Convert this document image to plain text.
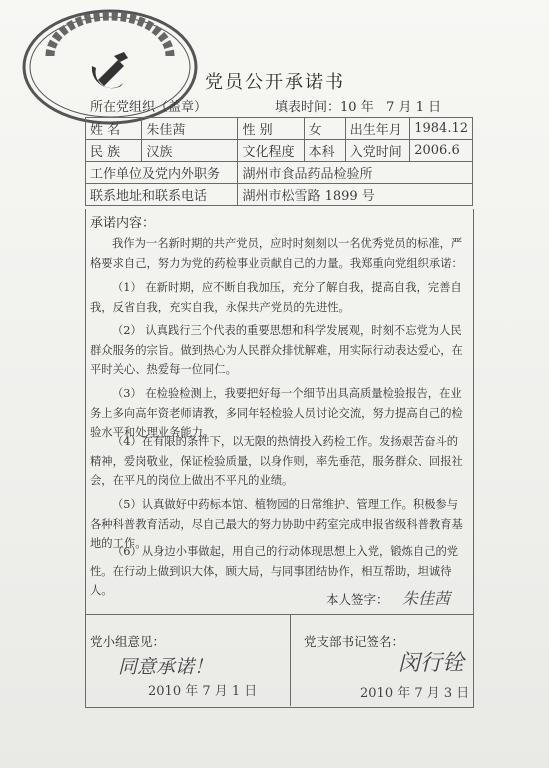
党员公开承诺书
所在党组织（盖章）	填表时间：10 年 7 月 1 日
姓 名	朱佳茜	性 别	女	出生年月	1984.12
民 族	汉族	文化程度	本科	入党时间	2006.6
工作单位及党内外职务		湖州市食品药品检验所			
联系地址和联系电话		湖州市松雪路 1899 号			
承诺内容：
我作为一名新时期的共产党员，应时时刻刻以一名优秀党员的标准，严格要求自己，努力为党的药检事业贡献自己的力量。我郑重向党组织承诺：
（1） 在新时期，应不断自我加压，充分了解自我，提高自我，完善自我，反省自我，充实自我，永保共产党员的先进性。
（2） 认真践行三个代表的重要思想和科学发展观，时刻不忘党为人民群众服务的宗旨。做到热心为人民群众排忧解难，用实际行动表达爱心，在平时关心、热爱每一位同仁。
（3） 在检验检测上，我要把好每一个细节出具高质量检验报告，在业务上多向高年资老师请教，多同年轻检验人员讨论交流，努力提高自己的检验水平和处理业务能力。
（4）在有限的条件下，以无限的热情投入药检工作。发扬艰苦奋斗的精神，爱岗敬业，保证检验质量，以身作则，率先垂范，服务群众、回报社会，在平凡的岗位上做出不平凡的业绩。
（5）认真做好中药标本馆、植物园的日常维护、管理工作。积极参与各种科普教育活动，尽自己最大的努力协助中药室完成申报省级科普教育基地的工作。
（6）从身边小事做起，用自己的行动体现思想上入党，锻炼自己的党性。在行动上做到识大体，顾大局，与同事团结协作，相互帮助，坦诚待人。
本人签字： 朱佳茜
党小组意见：
同意承诺！
2010 年 7 月 1 日
党支部书记签名：
闵行铨
2010 年 7 月 3 日
